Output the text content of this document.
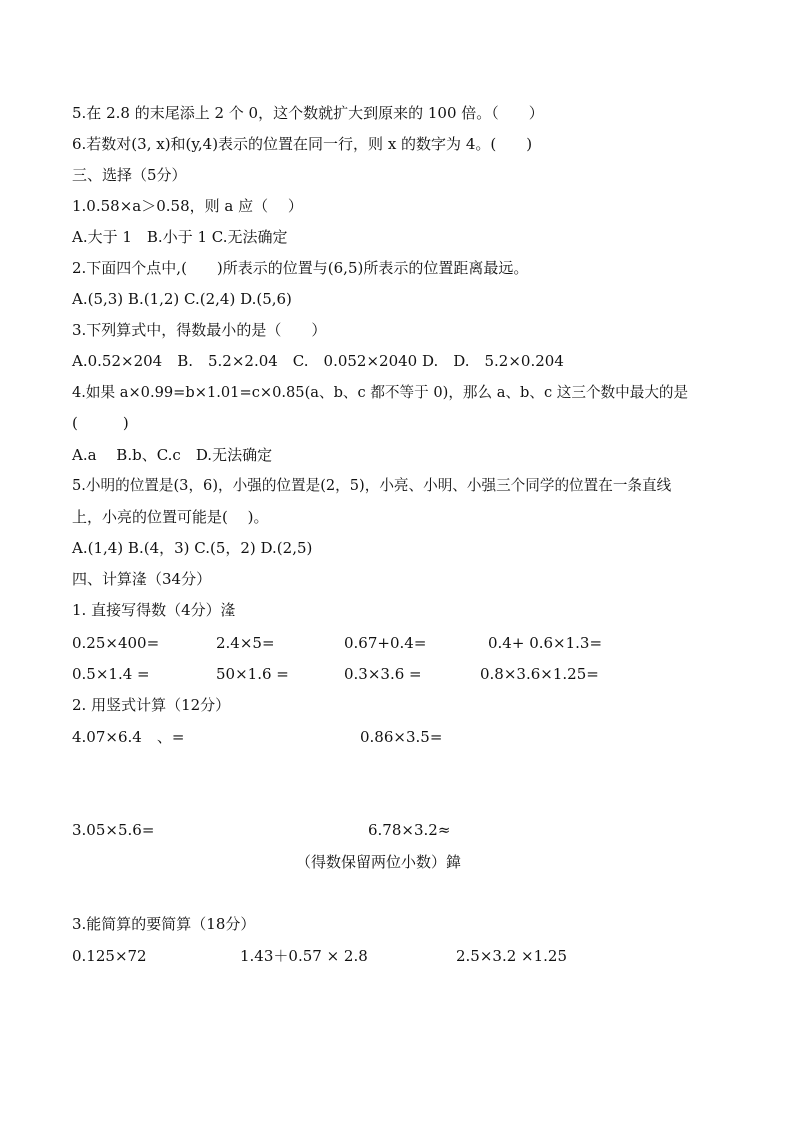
5.在 2.8 的末尾添上 2 个 0，这个数就扩大到原来的 100 倍。（　　）
6.若数对(3, x)和(y,4)表示的位置在同一行，则 x 的数字为 4。(　　)
三、选择（5分）
1.0.58×a＞0.58，则 a 应（　 ）
A.大于 1　B.小于 1 C.无法确定
2.下面四个点中,(　　)所表示的位置与(6,5)所表示的位置距离最远。
A.(5,3) B.(1,2) C.(2,4) D.(5,6)
3.下列算式中，得数最小的是（　　）
A.0.52×204　B.　5.2×2.04　C.　0.052×2040 D.　D.　5.2×0.204
4.如果 a×0.99=b×1.01=c×0.85(a、b、c 都不等于 0)，那么 a、b、c 这三个数中最大的是
(　　　)
A.a　 B.b、C.c　D.无法确定
5.小明的位置是(3，6)，小强的位置是(2，5)，小亮、小明、小强三个同学的位置在一条直线
上，小亮的位置可能是(　 )。
A.(1,4) B.(4，3) C.(5，2) D.(2,5)
四、计算湰（34分）
1. 直接写得数（4分）湰
0.25×400=	2.4×5=	0.67+0.4=	0.4+ 0.6×1.3=
0.5×1.4 =	50×1.6 =	0.3×3.6 =	0.8×3.6×1.25=
2. 用竖式计算（12分）
4.07×6.4　、=	0.86×3.5=
3.05×5.6=	6.78×3.2≈
（得数保留两位小数）鍏
3.能简算的要简算（18分）
0.125×72	1.43＋0.57 × 2.8	2.5×3.2 ×1.25
